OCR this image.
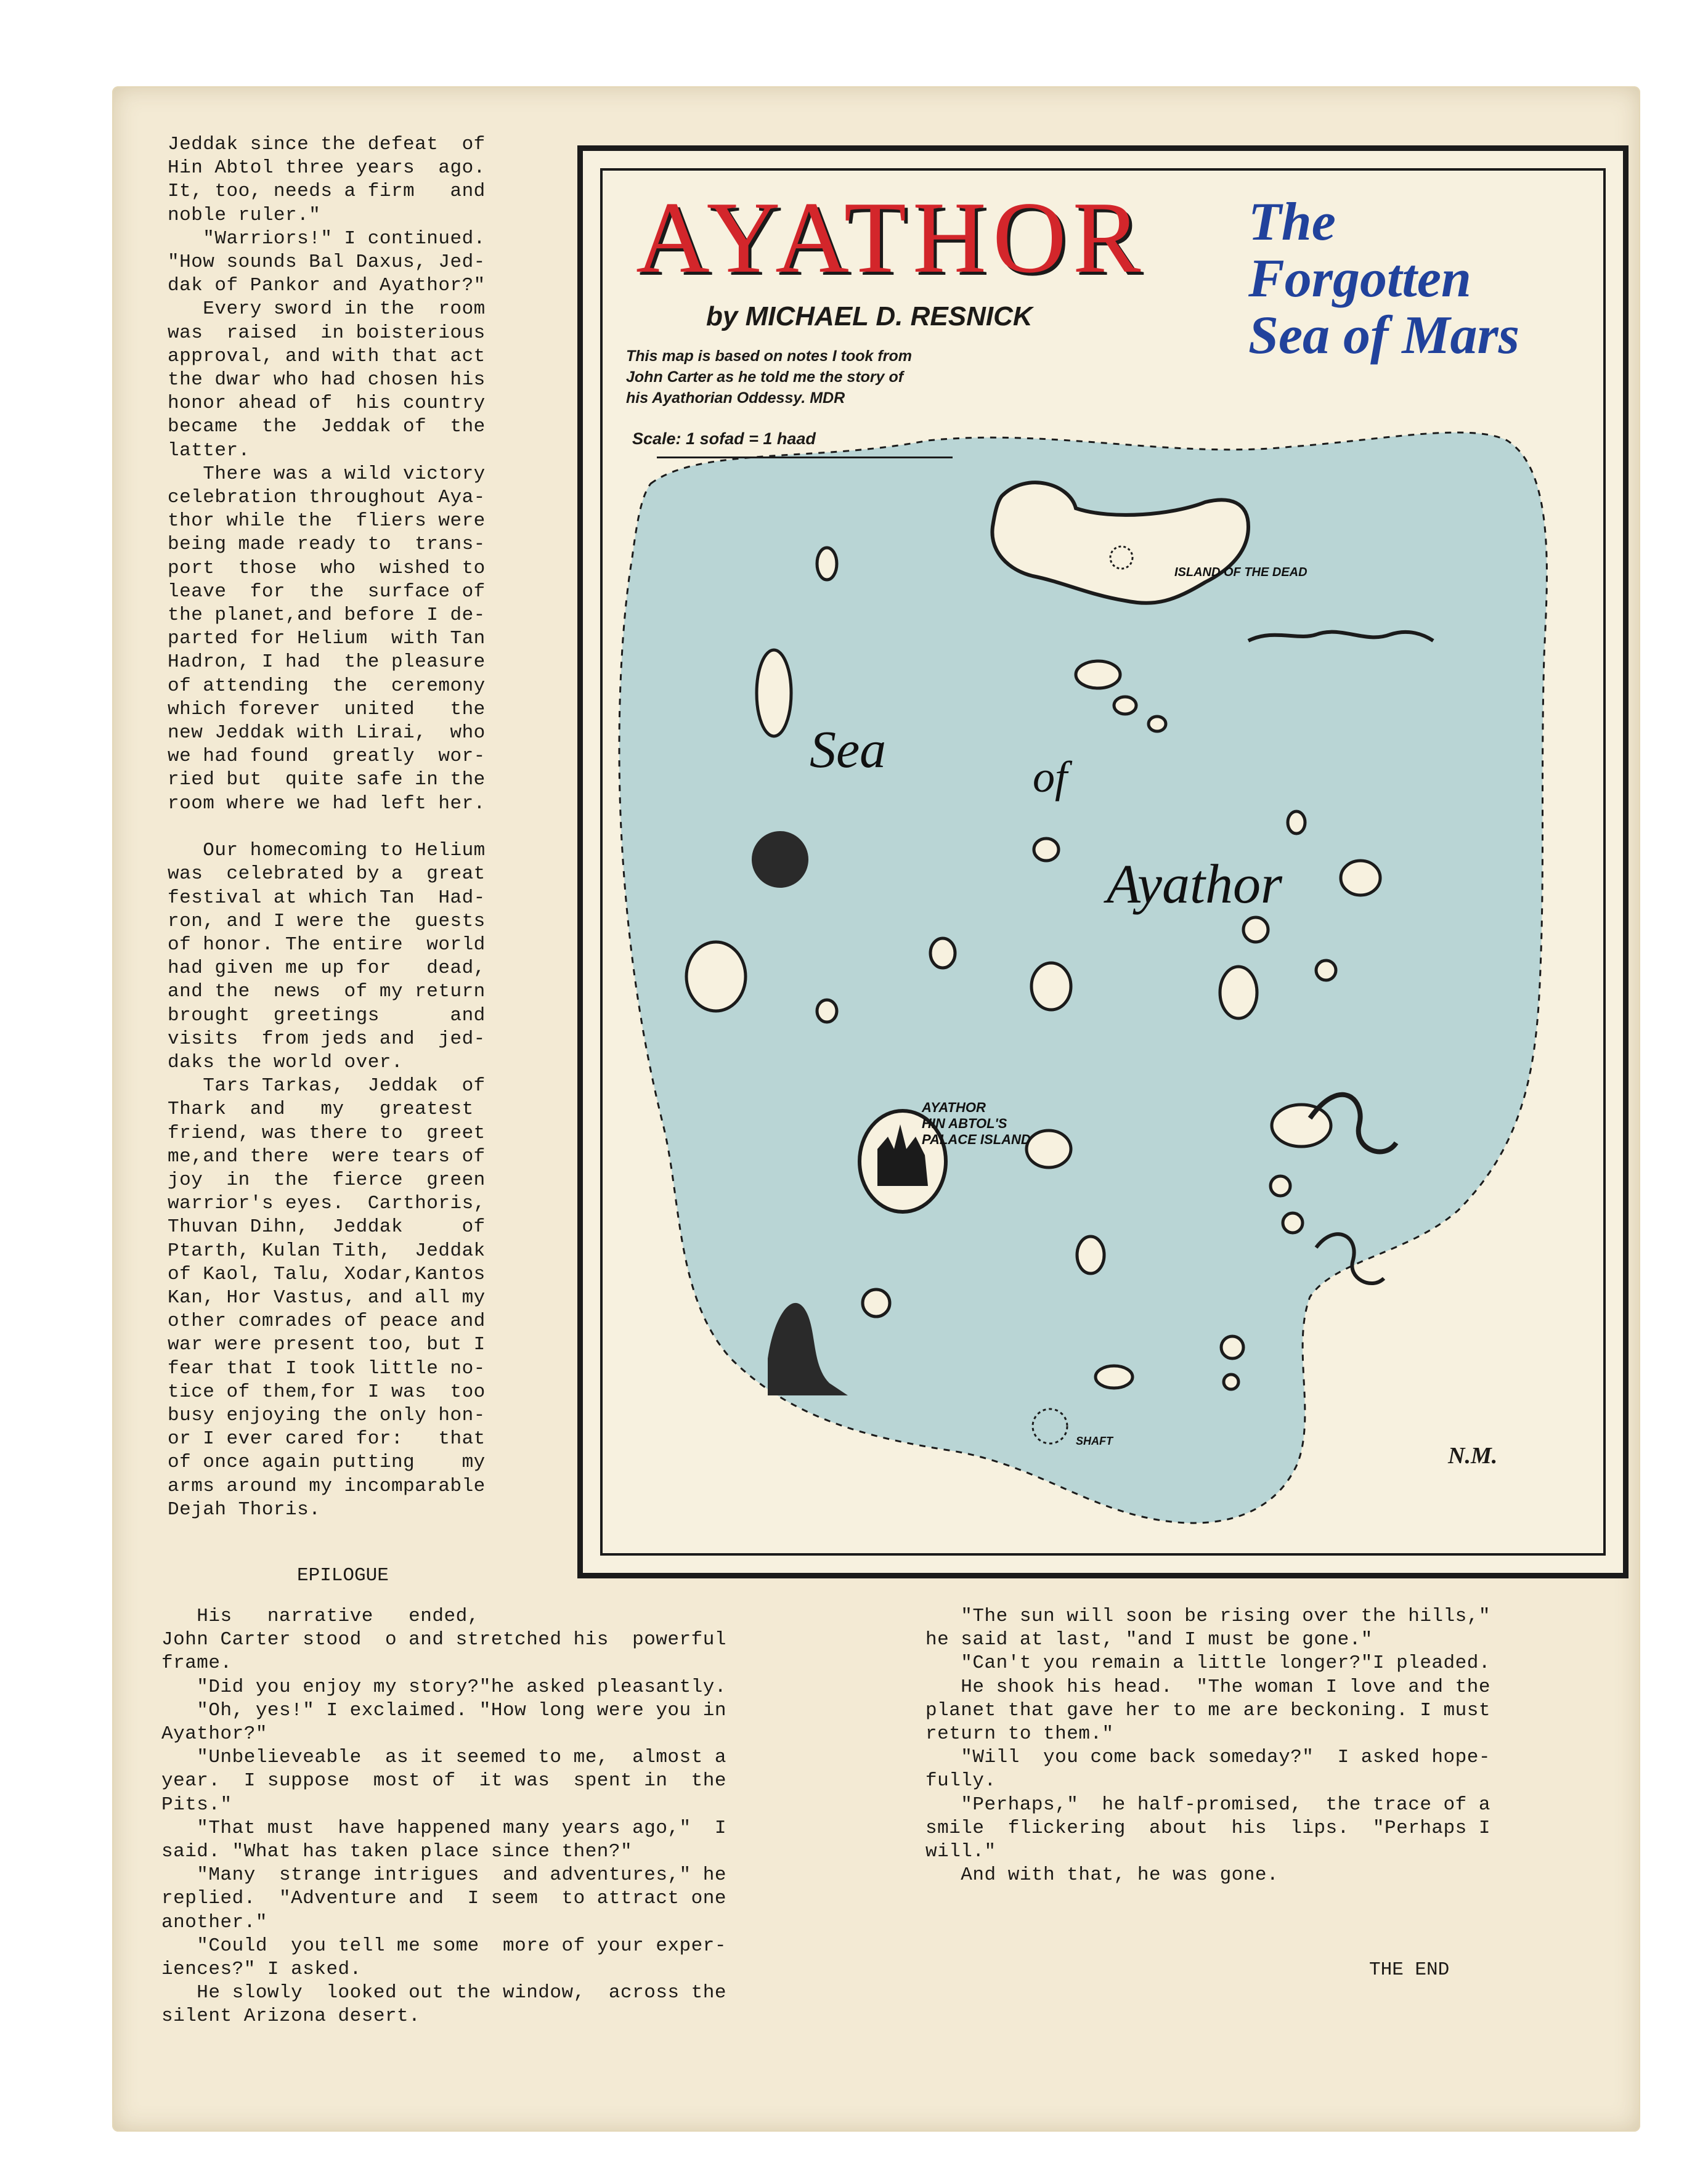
Jeddak since the defeat  of
Hin Abtol three years  ago.
It, too, needs a firm   and
noble ruler."
"Warriors!" I continued.
"How sounds Bal Daxus, Jed-
dak of Pankor and Ayathor?"
Every sword in the  room
was  raised  in boisterious
approval, and with that act
the dwar who had chosen his
honor ahead of  his country
became  the  Jeddak of  the
latter.
There was a wild victory
celebration throughout Aya-
thor while the  fliers were
being made ready to  trans-
port  those  who  wished to
leave  for  the  surface of
the planet,and before I de-
parted for Helium  with Tan
Hadron, I had  the pleasure
of attending  the  ceremony
which forever  united   the
new Jeddak with Lirai,  who
we had found  greatly  wor-
ried but  quite safe in the
room where we had left her.

Our homecoming to Helium
was  celebrated by a  great
festival at which Tan  Had-
ron, and I were the  guests
of honor. The entire  world
had given me up for   dead,
and the  news  of my return
brought  greetings      and
visits  from jeds and  jed-
daks the world over.
Tars Tarkas,  Jeddak  of
Thark  and   my   greatest
friend, was there to  greet
me,and there  were tears of
joy  in  the  fierce  green
warrior's eyes.  Carthoris,
Thuvan Dihn,  Jeddak     of
Ptarth, Kulan Tith,  Jeddak
of Kaol, Talu, Xodar,Kantos
Kan, Hor Vastus, and all my
other comrades of peace and
war were present too, but I
fear that I took little no-
tice of them,for I was  too
busy enjoying the only hon-
or I ever cared for:   that
of once again putting    my
arms around my incomparable
Dejah Thoris.
Sea	of
Ayathor
ISLAND OF THE DEAD
AYATHOR
HIN ABTOL'S
PALACE ISLAND
SHAFT
AYATHOR
by MICHAEL D. RESNICK
The
Forgotten
Sea of Mars
This map is based on notes I took from
John Carter as he told me the story of
his Ayathorian Oddessy. MDR
Scale: 1 sofad = 1 haad
N.M.
EPILOGUE
His   narrative   ended,
John Carter stood  o and stretched his  powerful
frame.
"Did you enjoy my story?"he asked pleasantly.
"Oh, yes!" I exclaimed. "How long were you in
Ayathor?"
"Unbelieveable  as it seemed to me,  almost a
year.  I suppose  most of  it was  spent in  the
Pits."
"That must  have happened many years ago,"  I
said. "What has taken place since then?"
"Many  strange intrigues  and adventures," he
replied.  "Adventure and  I seem  to attract one
another."
"Could  you tell me some  more of your exper-
iences?" I asked.
He slowly  looked out the window,  across the
silent Arizona desert.
"The sun will soon be rising over the hills,"
he said at last, "and I must be gone."
"Can't you remain a little longer?"I pleaded.
He shook his head.  "The woman I love and the
planet that gave her to me are beckoning. I must
return to them."
"Will  you come back someday?"  I asked hope-
fully.
"Perhaps,"  he half-promised,  the trace of a
smile  flickering  about  his  lips.  "Perhaps I
will."
And with that, he was gone.
THE END
